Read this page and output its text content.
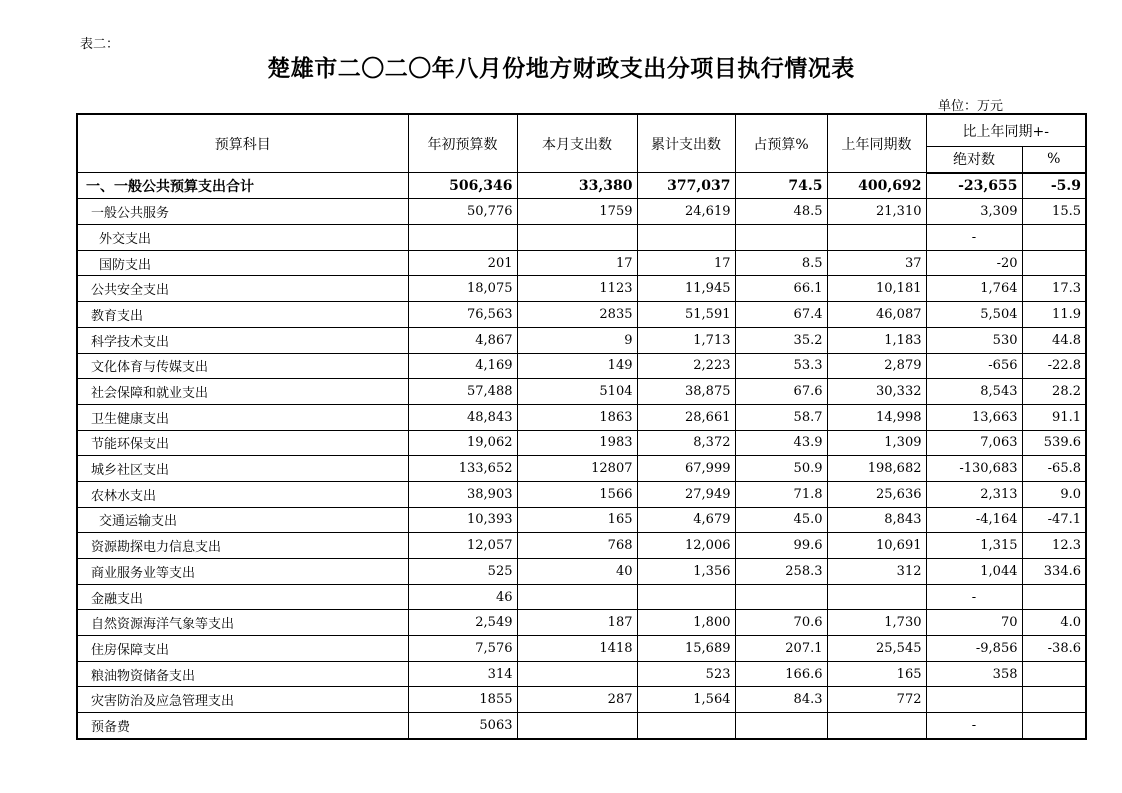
表二：
楚雄市二〇二〇年八月份地方财政支出分项目执行情况表
单位：万元
预算科目	年初预算数	本月支出数	累计支出数	占预算%	上年同期数	比上年同期+-	
						绝对数	%
一、一般公共预算支出合计	506,346	33,380	377,037	74.5	400,692	-23,655	-5.9
一般公共服务	50,776	1759	24,619	48.5	21,310	3,309	15.5
外交支出						-	
国防支出	201	17	17	8.5	37	-20	
公共安全支出	18,075	1123	11,945	66.1	10,181	1,764	17.3
教育支出	76,563	2835	51,591	67.4	46,087	5,504	11.9
科学技术支出	4,867	9	1,713	35.2	1,183	530	44.8
文化体育与传媒支出	4,169	149	2,223	53.3	2,879	-656	-22.8
社会保障和就业支出	57,488	5104	38,875	67.6	30,332	8,543	28.2
卫生健康支出	48,843	1863	28,661	58.7	14,998	13,663	91.1
节能环保支出	19,062	1983	8,372	43.9	1,309	7,063	539.6
城乡社区支出	133,652	12807	67,999	50.9	198,682	-130,683	-65.8
农林水支出	38,903	1566	27,949	71.8	25,636	2,313	9.0
交通运输支出	10,393	165	4,679	45.0	8,843	-4,164	-47.1
资源勘探电力信息支出	12,057	768	12,006	99.6	10,691	1,315	12.3
商业服务业等支出	525	40	1,356	258.3	312	1,044	334.6
金融支出	46					-	
自然资源海洋气象等支出	2,549	187	1,800	70.6	1,730	70	4.0
住房保障支出	7,576	1418	15,689	207.1	25,545	-9,856	-38.6
粮油物资储备支出	314		523	166.6	165	358	
灾害防治及应急管理支出	1855	287	1,564	84.3	772		
预备费	5063					-	
